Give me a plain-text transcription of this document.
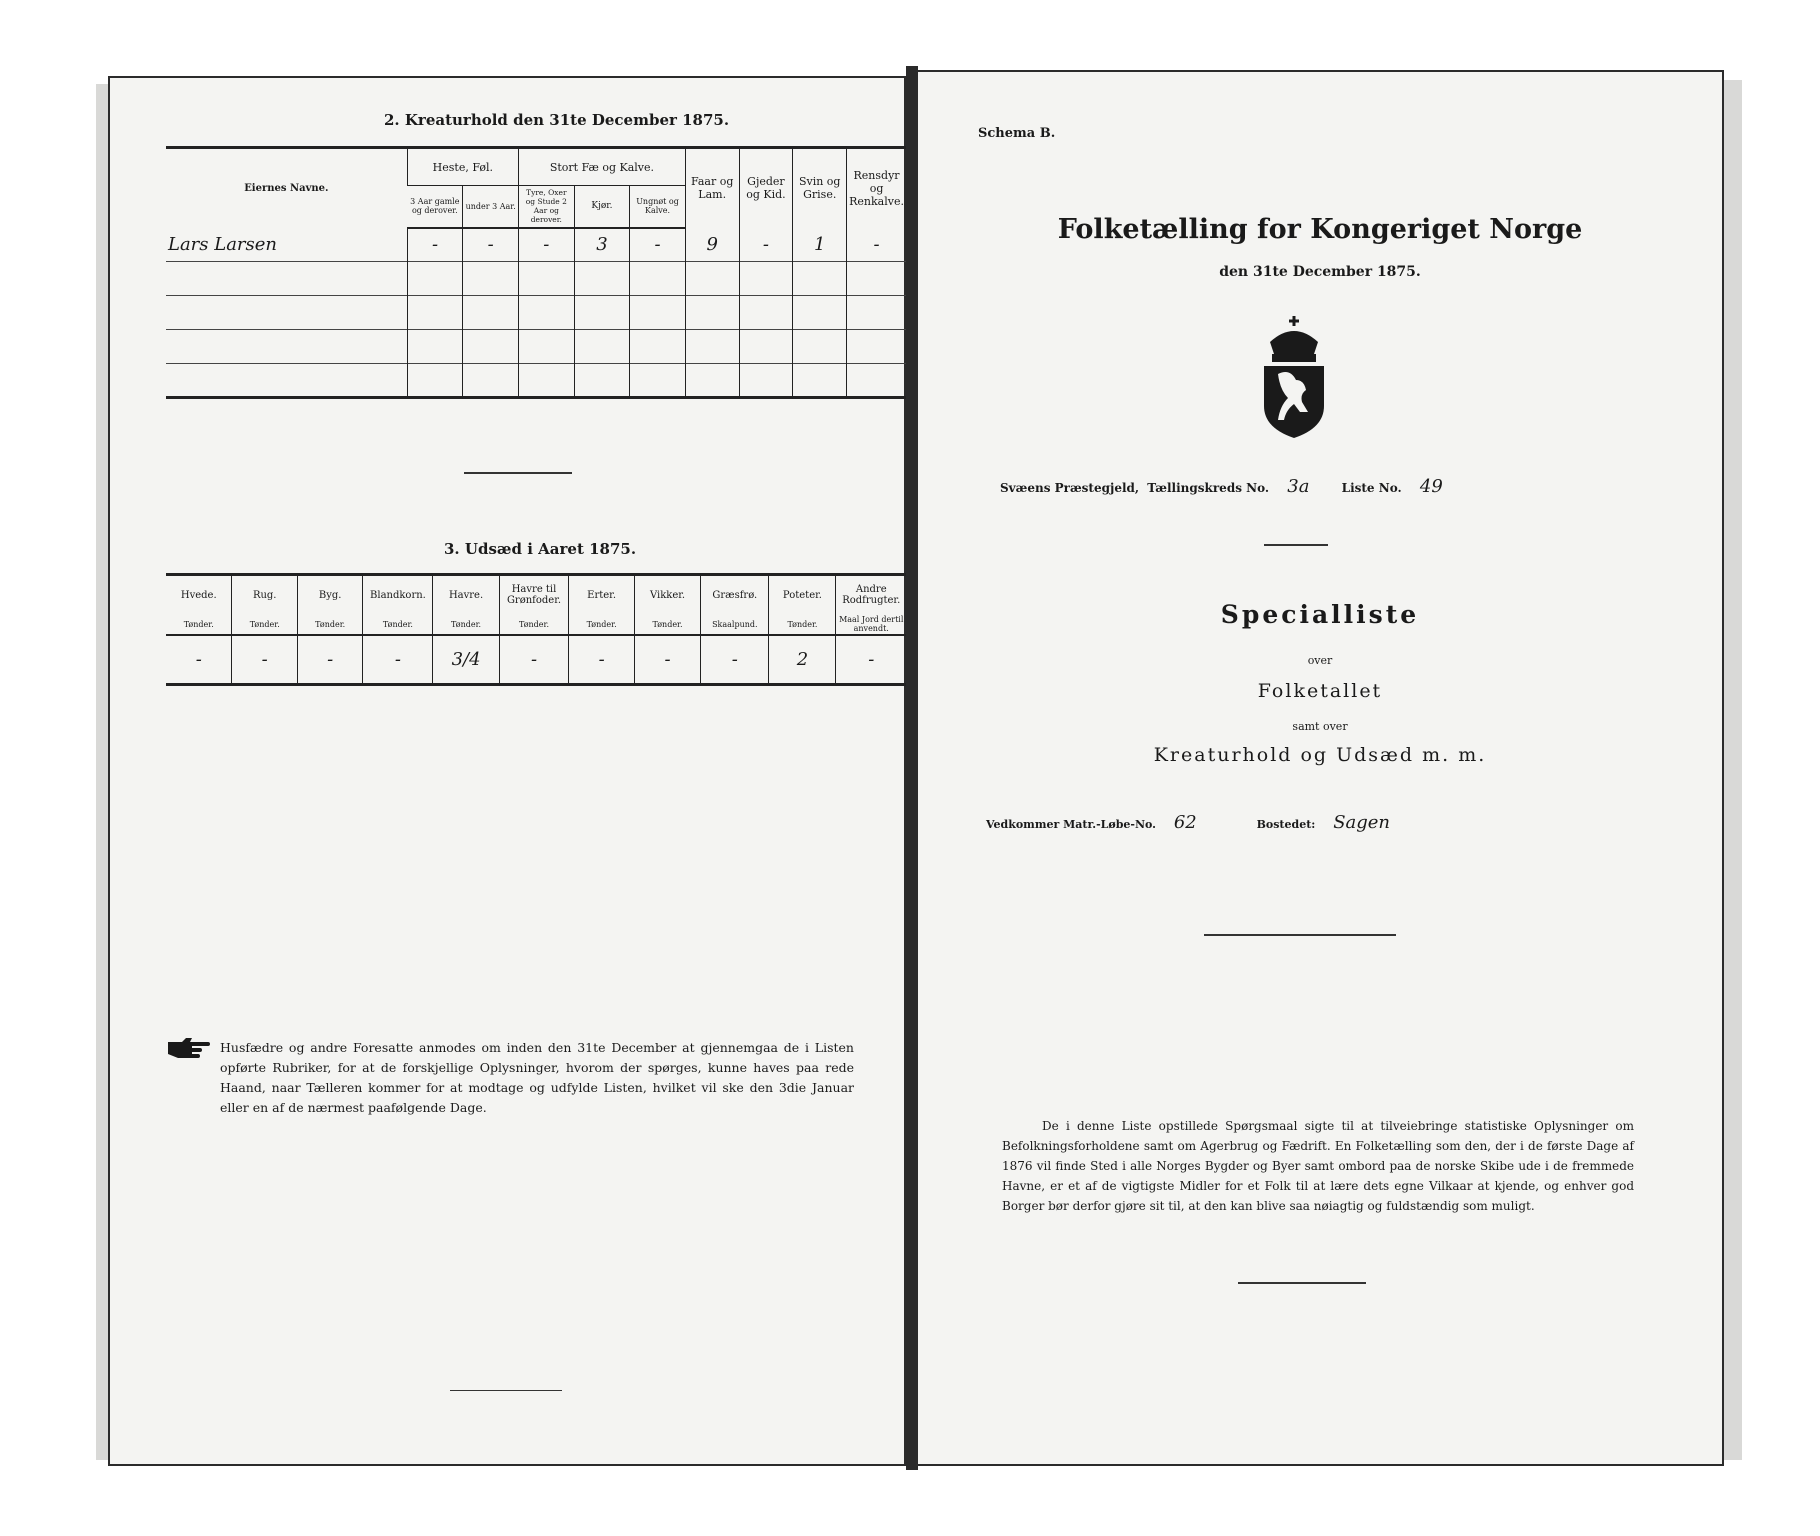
2. Kreaturhold den 31te December 1875.
Eiernes Navne.	Heste, Føl.		Stort Fæ og Kalve.			Faar og Lam.	Gjeder og Kid.	Svin og Grise.	Rensdyr og Renkalve.
	3 Aar gamle og derover.	under 3 Aar.	Tyre, Oxer og Stude 2 Aar og derover.	Kjør.	Ungnøt og Kalve.				
Lars Larsen	-	-	-	3	-	9	-	1	-

3. Udsæd i Aaret 1875.
Hvede.	Rug.	Byg.	Blandkorn.	Havre.	Havre til Grønfoder.	Erter.	Vikker.	Græsfrø.	Poteter.	Andre Rodfrugter.
Tønder.	Tønder.	Tønder.	Tønder.	Tønder.	Tønder.	Tønder.	Tønder.	Skaalpund.	Tønder.	Maal Jord dertil anvendt.
-	-	-	-	3/4	-	-	-	-	2	-
Husfædre og andre Foresatte anmodes om inden den 31te December at gjennemgaa de i Listen opførte Rubriker, for at de forskjellige Oplysninger, hvorom der spørges, kunne haves paa rede Haand, naar Tælleren kommer for at modtage og udfylde Listen, hvilket vil ske den 3die Januar eller en af de nærmest paafølgende Dage.
Schema B.
Folketælling for Kongeriget Norge
den 31te December 1875.
Svæens Præstegjeld, Tællingskreds No. 3a	Liste No. 49
Specialliste
over
Folketallet
samt over
Kreaturhold og Udsæd m. m.
Vedkommer Matr.-Løbe-No. 62	Bostedet: Sagen
De i denne Liste opstillede Spørgsmaal sigte til at tilveiebringe statistiske Oplysninger om Befolkningsforholdene samt om Agerbrug og Fædrift. En Folketælling som den, der i de første Dage af 1876 vil finde Sted i alle Norges Bygder og Byer samt ombord paa de norske Skibe ude i de fremmede Havne, er et af de vigtigste Midler for et Folk til at lære dets egne Vilkaar at kjende, og enhver god Borger bør derfor gjøre sit til, at den kan blive saa nøiagtig og fuldstændig som muligt.
